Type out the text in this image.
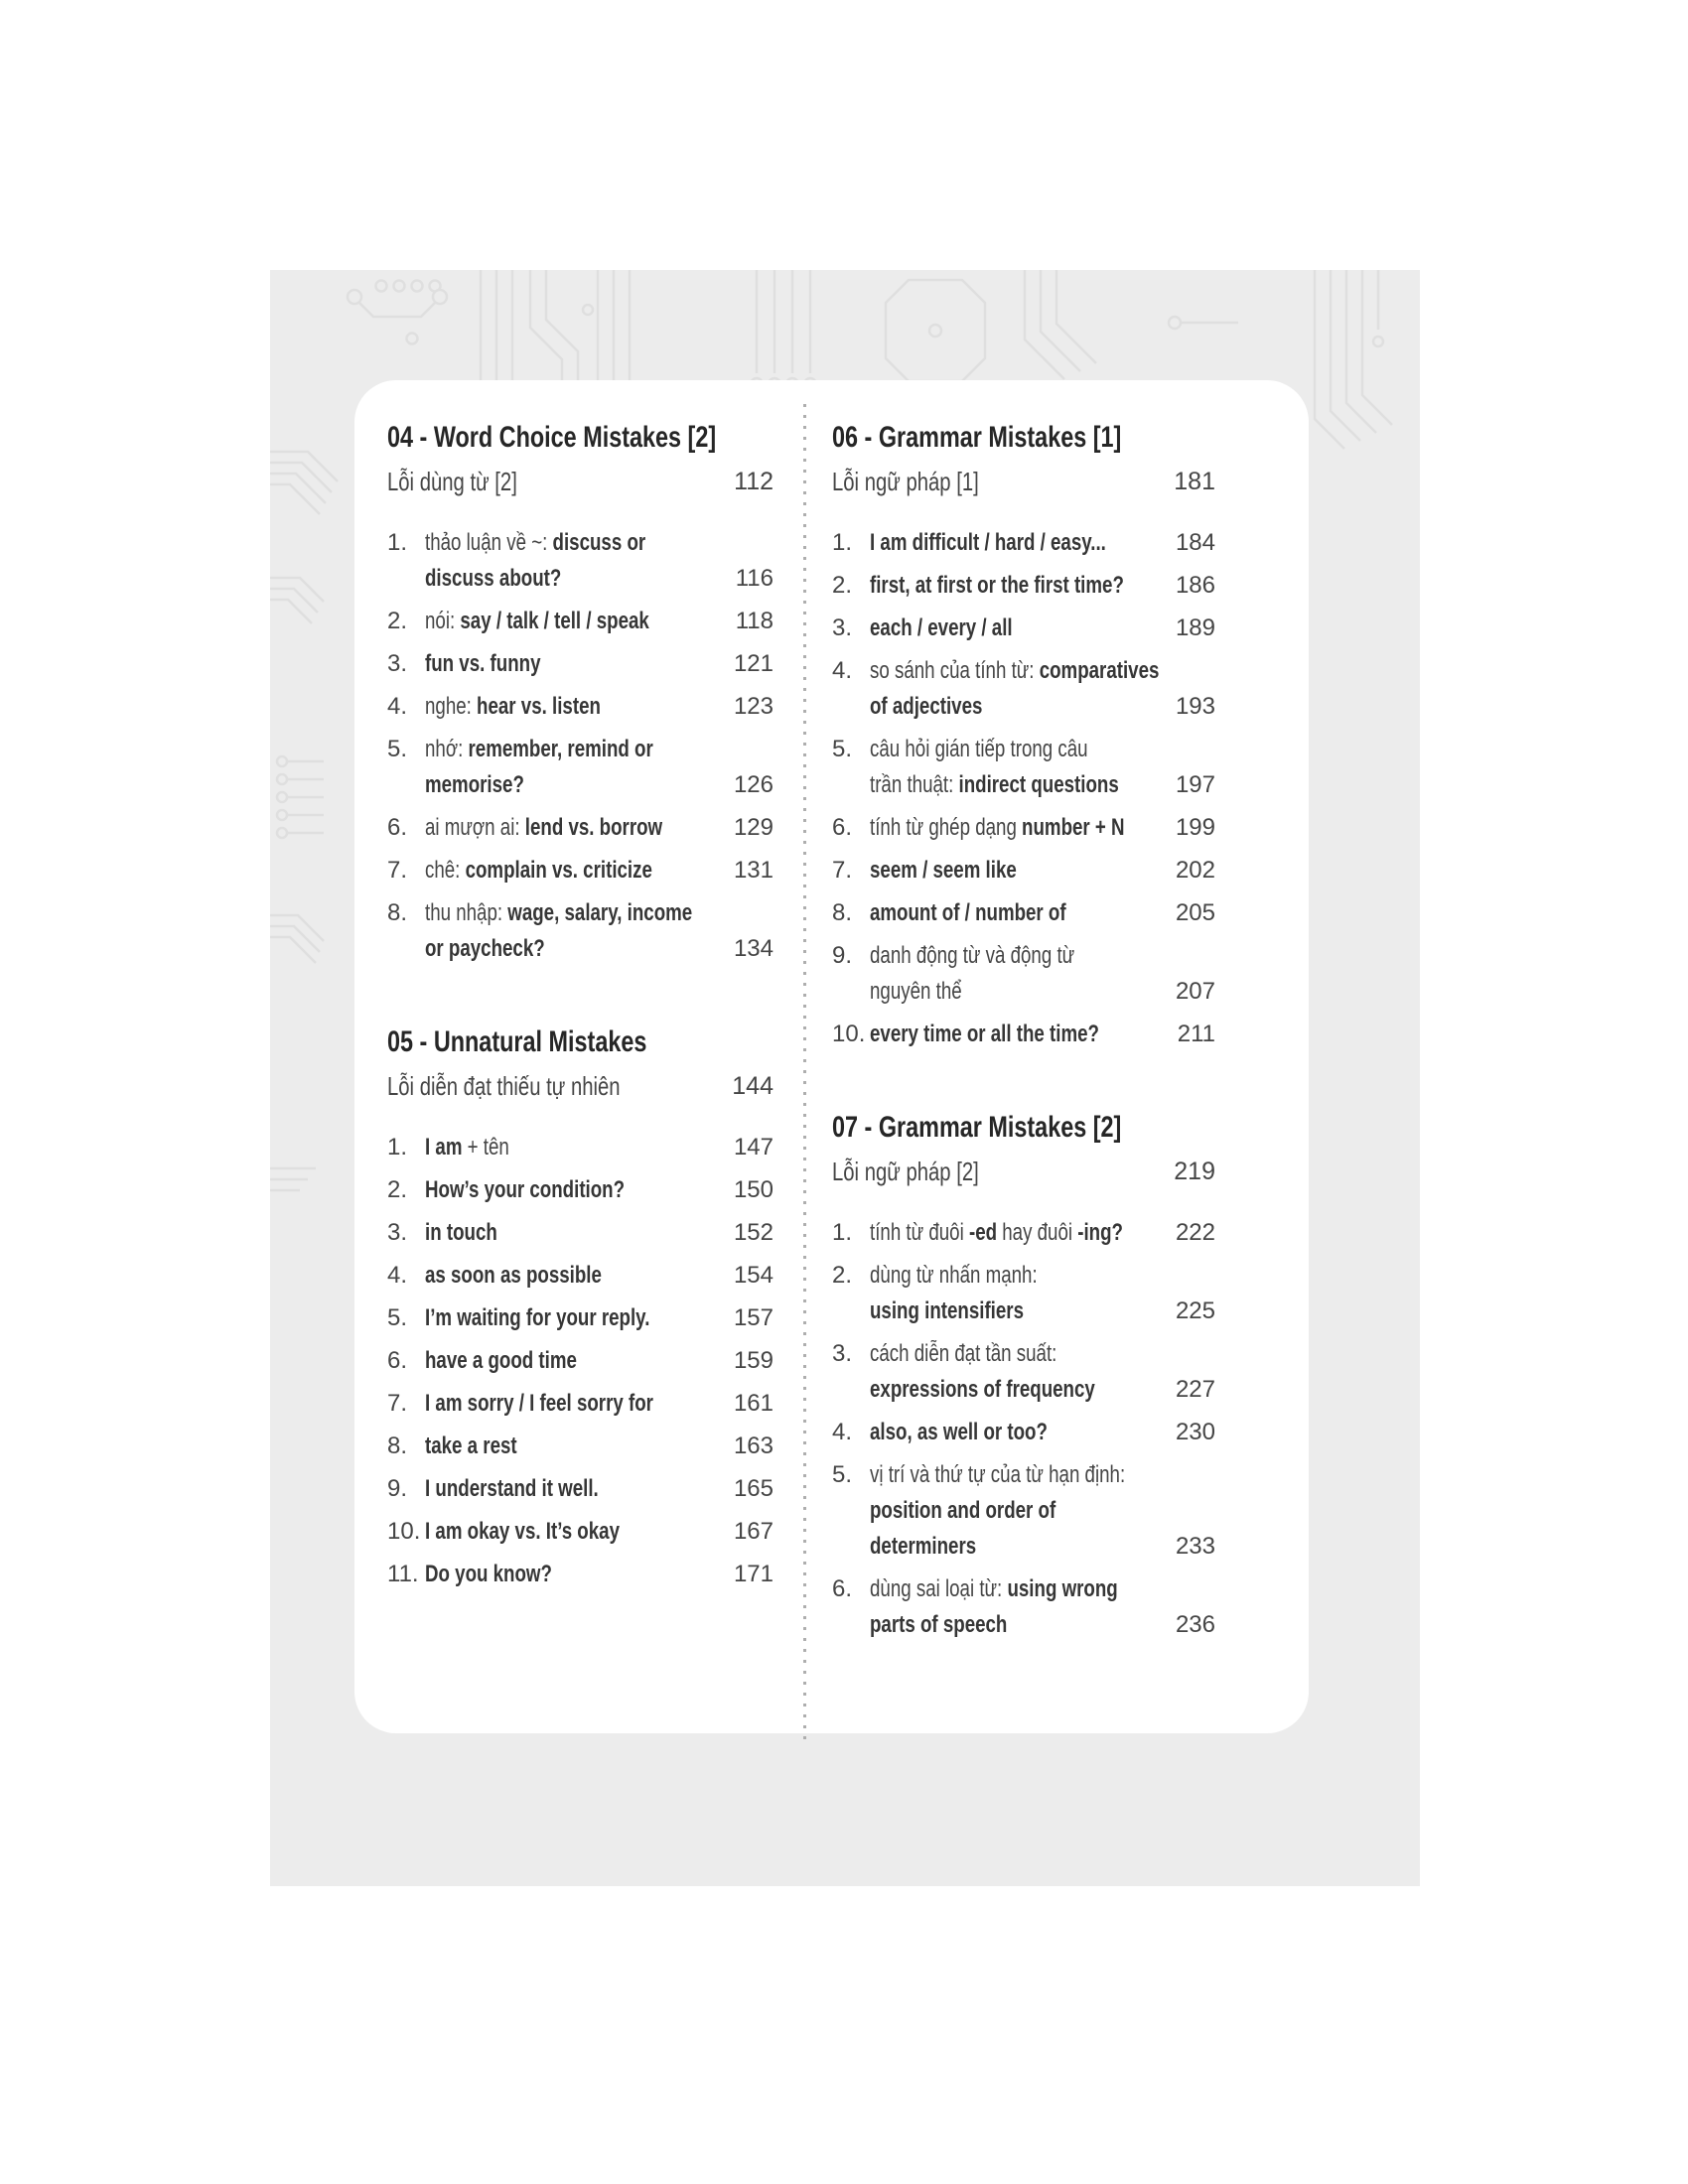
04 - Word Choice Mistakes [2]
Lỗi dùng từ [2]	112
1. thảo luận về ~: discuss or
discuss about?	116
2. nói: say / talk / tell / speak	118
3. fun vs. funny	121
4. nghe: hear vs. listen	123
5. nhớ: remember, remind or
memorise?	126
6. ai mượn ai: lend vs. borrow	129
7. chê: complain vs. criticize	131
8. thu nhập: wage, salary, income
or paycheck?	134
05 - Unnatural Mistakes
Lỗi diễn đạt thiếu tự nhiên	144
1. I am + tên	147
2. How’s your condition?	150
3. in touch	152
4. as soon as possible	154
5. I’m waiting for your reply.	157
6. have a good time	159
7. I am sorry / I feel sorry for	161
8. take a rest	163
9. I understand it well.	165
10. I am okay vs. It’s okay	167
11. Do you know?	171
06 - Grammar Mistakes [1]
Lỗi ngữ pháp [1]	181
1. I am difficult / hard / easy...	184
2. first, at first or the first time? 186
3. each / every / all	189
4. so sánh của tính từ: comparatives
of adjectives	193
5. câu hỏi gián tiếp trong câu
trần thuật: indirect questions 197
6. tính từ ghép dạng number + N 199
7. seem / seem like	202
8. amount of / number of	205
9. danh động từ và động từ
nguyên thể	207
10. every time or all the time?	211
07 - Grammar Mistakes [2]
Lỗi ngữ pháp [2]	219
1. tính từ đuôi -ed hay đuôi -ing? 222
2. dùng từ nhấn mạnh:
using intensifiers	225
3. cách diễn đạt tần suất:
expressions of frequency	227
4. also, as well or too?	230
5. vị trí và thứ tự của từ hạn định:
position and order of
determiners	233
6. dùng sai loại từ: using wrong
parts of speech	236
